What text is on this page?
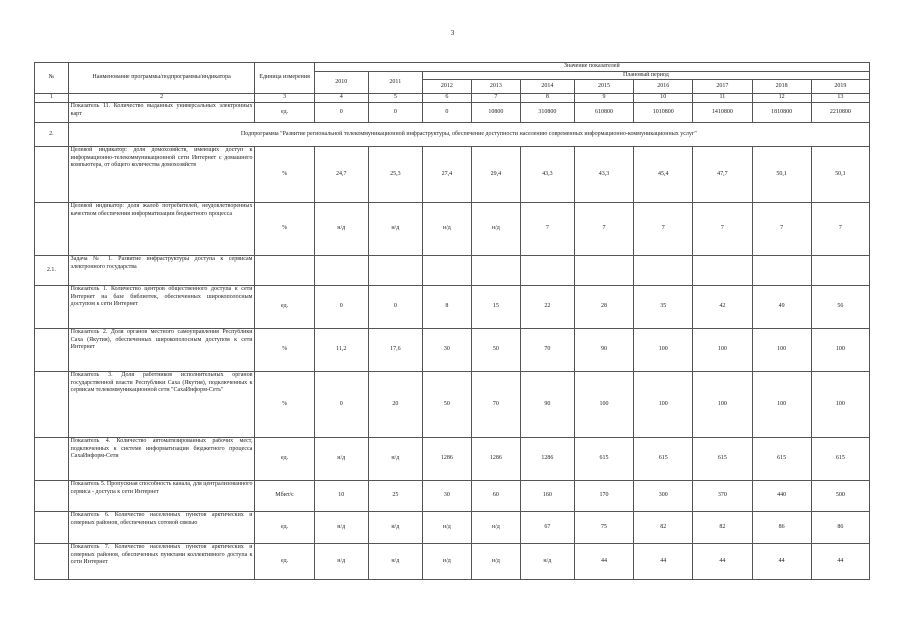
3
№	Наименование программы/подпрограммы/индикатора	Единица измерения	Значение показателей									
			2010	2011	Плановый период							
					2012	2013	2014	2015	2016	2017	2018	2019
1	2	3	4	5	6	7	8	9	10	11	12	13
	Показатель 11. Количество выданных универсальных электронных карт	ед.	0	0	0	10800	310800	610800	1010800	1410800	1810800	2210800
2.	Подпрограмма "Развитие региональной телекоммуникационной инфраструктуры, обеспечение доступности населению современных информационно-коммуникационных услуг"											
	Целевой индикатор: доля домохозяйств, имеющих доступ к информационно-телекоммуникационной сети Интернет с домашнего компьютера, от общего количества домохозяйств	%	24,7	25,3	27,4	29,4	43,3	43,3	45,4	47,7	50,1	50,1
	Целевой индикатор: доля жалоб потребителей, неудовлетворенных качеством обеспечения информатизации бюджетного процесса	%	н/д	н/д	н/д	н/д	7	7	7	7	7	7
2.1.	Задача № 1. Развитие инфраструктуры доступа к сервисам электронного государства											
	Показатель 1. Количество центров общественного доступа к сети Интернет на базе библиотек, обеспеченных широкополосным доступом к сети Интернет	ед.	0	0	8	15	22	28	35	42	49	56
	Показатель 2. Доля органов местного самоуправления Республики Саха (Якутия), обеспеченных широкополосным доступом к сети Интернет	%	11,2	17,6	30	50	70	90	100	100	100	100
	Показатель 3. Доля работников исполнительных органов государственной власти Республики Саха (Якутия), подключенных к сервисам телекоммуникационной сети "СахаИнформ-Сеть"	%	0	20	50	70	90	100	100	100	100	100
	Показатель 4. Количество автоматизированных рабочих мест, подключенных к системе информатизации бюджетного процесса СахаИнформ-Сети	ед.	н/д	н/д	1286	1286	1286	615	615	615	615	615
	Показатель 5. Пропускная способность канала, для централизованного сервиса - доступа к сети Интернет	Мбит/с	10	25	30	60	160	170	300	370	440	500
	Показатель 6. Количество населенных пунктов арктических и северных районов, обеспеченных сотовой связью	ед.	н/д	н/д	н/д	н/д	67	75	82	82	86	86
	Показатель 7. Количество населенных пунктов арктических и северных районов, обеспеченных пунктами коллективного доступа к сети Интернет	ед.	н/д	н/д	н/д	н/д	н/д	44	44	44	44	44
